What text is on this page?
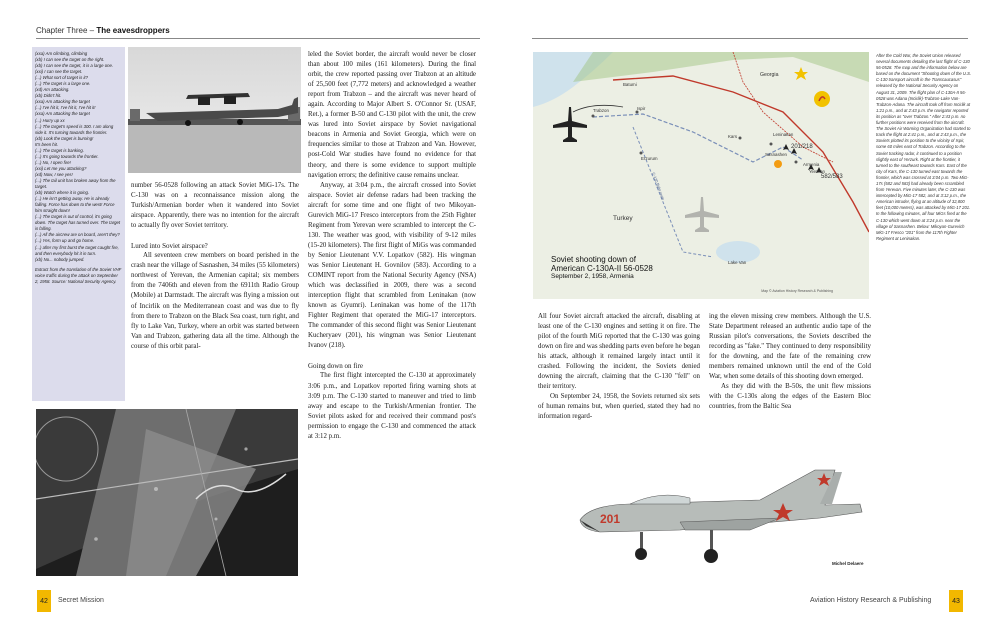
Chapter Three – The eavesdroppers

(xxa) Am climbing, climbing

(xb) I can see the target on the right.

(xb) I can see the target, it is a large one.

(xxi) I can see the target.

(...) What sort of target is it?

(...) The target is a large one.

(xd) Am attacking.

(xb) Didn't hit.

(xxa) Am attacking the target

(...) I've hit it, I've hit it, I've hit it!

(xxa) Am attacking the target

(...) Hurry up xx

(...) The target's speed is 300. I am along side it. It's turning towards the frontier.

(xb) Look the target is burning!

It's been hit.

(...) The target is banking.

(...) It's going towards the frontier.

(...) No, I open fire!

(xxi) Let me you attacking?

(xd) Now, I see yes!

(...) The tail unit has broken away from the target.

(xb) Watch where it is going.

(...) He isn't getting away. He is already falling. Force has down to the west! Force him straight down!

(...) The target is out of control, it's going down. The target has turned over. The target is falling.

(...) All the aircrew are on board, aren't they?

(...) Yes, form up and go home.

(...) after my first burst the target caught fire, and then everybody hit it in turn.

(xb) No... nobody jumped.

Extract from the translation of the Soviet VHF voice traffic during the attack on September 2, 1958. Source: National Security Agency.

number 56-0528 following an attack Soviet MiG-17s. The C-130 was on a reconnaissance mission along the Turkish/Armenian border when it wandered into Soviet airspace. Apparently, there was no intention for the aircraft to actually fly over Soviet territory.

Lured into Soviet airspace?

All seventeen crew members on board perished in the crash near the village of Sasnashen, 34 miles (55 kilometers) northwest of Yerevan, the Armenian capital; six members from the 7406th and eleven from the 6911th Radio Group (Mobile) at Darmstadt. The aircraft was flying a mission out of Incirlik on the Mediterranean coast and was due to fly from there to Trabzon on the Black Sea coast, turn right, and fly to Lake Van, Turkey, where an orbit was started between Van and Trabzon, gathering data all the time. Although the course of this orbit paral-

leled the Soviet border, the aircraft would never be closer than about 100 miles (161 kilometers). During the final orbit, the crew reported passing over Trabzon at an altitude of 25,500 feet (7,772 meters) and acknowledged a weather report from Trabzon – and the aircraft was never heard of again. According to Major Albert S. O'Connor Sr. (USAF, Ret.), a former B-50 and C-130 pilot with the unit, the crew was lured into Soviet airspace by Soviet navigational beacons in Armenia and Soviet Georgia, which were on frequencies similar to those at Trabzon and Van. However, post-Cold War studies have found no evidence for that theory, and there is some evidence to support multiple navigation errors; the definitive cause remains unclear.

Anyway, at 3:04 p.m., the aircraft crossed into Soviet airspace. Soviet air defense radars had been tracking the aircraft for some time and one flight of two Mikoyan-Gurevich MiG-17 Fresco interceptors from the 25th Fighter Regiment from Yerevan were scrambled to intercept the C-130. The weather was good, with visibility of 9-12 miles (15-20 kilometers). The first flight of MiGs was commanded by Senior Lieutenant V.V. Lopatkov (582). His wingman was Senior Lieutenant H. Govnilov (583). According to a COMINT report from the National Security Agency (NSA) which was declassified in 2009, there was a second interception flight that scrambled from Leninakan (now known as Gyumri). Leninakan was home of the 117th Fighter Regiment that operated the MiG-17 interceptors. The commander of this second flight was Senior Lieutenant Kucheryaev (201), his wingman was Senior Lieutenant Ivanov (218).

Going down on fire

The first flight intercepted the C-130 at approximately 3:06 p.m., and Lopatkov reported firing warning shots at 3:09 p.m. The C-130 started to maneuver and tried to limb away and escape to the Turkish/Armenian frontier. The Soviet pilots asked for and received their command post's permission to engage the C-130 and commenced the attack at 3:12 p.m.

Map © Aviation History Research & Publishing
Georgia
Turkey
Armenia
Yerevan
Kars	Leninakan
Lake Van
Trabzon	Ispir
Erzurum
Batumi
Sasnashen
201/218
582/583
C-130 flight route
Soviet shooting down of
American C-130A-II 56-0528
September 2, 1958, Armenia

All four Soviet aircraft attacked the aircraft, disabling at least one of the C-130 engines and setting it on fire. The pilot of the fourth MiG reported that the C-130 was going down on fire and was shedding parts even before he began his attack, although it remained largely intact until it crashed. Following the incident, the Soviets denied downing the aircraft, claiming that the C-130 "fell" on their territory.

On September 24, 1958, the Soviets returned six sets of human remains but, when queried, stated they had no information regard-

ing the eleven missing crew members. Although the U.S. State Department released an authentic audio tape of the Russian pilot's conversations, the Soviets described the recording as "fake." They continued to deny responsibility for the downing, and the fate of the remaining crew members remained unknown until the end of the Cold War, when some details of this shooting down emerged.

As they did with the B-50s, the unit flew missions with the C-130s along the edges of the Eastern Bloc countries, from the Baltic Sea

201
Michel Delaere
After the Cold War, the Soviet Union released several documents detailing the last flight of C-130 56-0528. The map and the information below are based on the document "Shooting down of the U.S. C-130 transport aircraft in the Transcaucasus" released by the National Security Agency on August 31, 2009. The flight plan of C-130A-II 56-0528 was Adana (Incirlik)-Trabzon-Lake Van-Trabzon-Adana. The aircraft took off from Incirlik at 1:21 p.m., and at 2:43 p.m. the navigator reported its position as "over Trabzon." After 2:43 p.m. no further positions were received from the aircraft. The Soviet Air Warning Organization had started to track the flight at 2:41 p.m., and at 2:43 p.m., the Soviets plotted its position to the vicinity of Ispir, some 60 miles east of Trabzon. According to the Soviet tracking radar, it continued to a position slightly east of Yerzurk. Right at the frontier, it turned to the southeast towards Kars. East of the city of Kars, the C-130 turned east towards the frontier, which was crossed at 3:04 p.m. Two MiG-17s (582 and 583) had already been scrambled from Yerevan. Five minutes later, the C-130 was intercepted by MiG-17 582, and at 3:12 p.m., the American intruder, flying at an altitude of 32,800 feet (10,000 meters), was attacked by MiG-17 201. In the following minutes, all four MiGs fired at the C-130 which went down at 3:24 p.m. near the village of Sasnashen. Below: Mikoyan-Gurevich MiG-17 Fresco "201" from the 117th Fighter Regiment at Leninakan.
42	Secret Mission	Aviation History Research & Publishing	43
